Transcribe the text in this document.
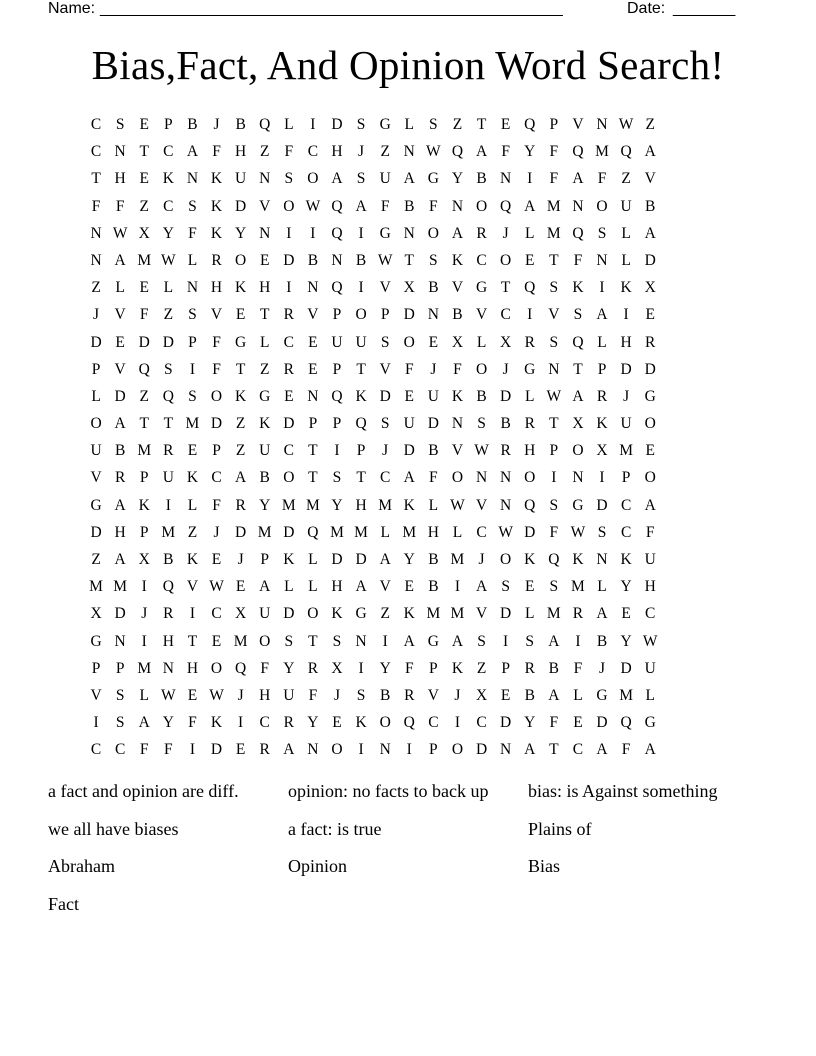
Name: ____________________________________________________	Date: _______
Bias,Fact, And Opinion Word Search!
C S E P B	J	B Q L	I	D S G L S Z T E Q P V N W Z
C N T C A F H Z F C H J	Z N W Q A F Y F Q M Q A
T H E K N K U N S O A S U A G Y B N	I	F A F Z V
F F Z C S K D V O W Q A F B F N O Q A M N O U B
N W X Y F K Y N	I	I	Q	I	G N O A R	J	L M Q S L A
N A M W L R O E D B N B W T S K C O E T F N L D
Z L E L N H K H	I	N Q	I	V X B V G T Q S K	I	K X
J V F Z S V E T R V P O P D N B V C	I	V S A	I	E
D E D D P F G L C E U U S O E X L X R S Q L H R
P V Q S	I	F T Z R E P T V F	J	F O J G N T P D D
L D Z Q S O K G E N Q K D E U K B D L W A R	J G
O A T T M D Z K D P P Q S U D N S B R T X K U O
U B M R E P Z U C T	I	P	J D B V W R H P O X M E
V R P U K C A B O T S T C A F O N N O	I	N	I	P O
G A K	I	L F R Y M M Y H M K L W V N Q S G D C A
D H P M Z	J D M D Q M M L M H L C W D F W S C F
Z A X B K E	J	P K L D D A Y B M J O K Q K N K U
M M I	Q V W E A L L H A V E B	I	A S E S M L Y H
X D J	R	I	C X U D O K G Z K M M V D L M R A E C
G N	I	H T E M O S T S N	I	A G A S	I	S A	I	B Y W
P P M N H O Q F Y R X	I	Y F P K Z P R B F	J D U
V S L W E W J H U F	J	S B R V J X E B A L G M L
I	S A Y F K	I	C R Y E K O Q C	I	C D Y F E D Q G
C C F F	I	D E R A N O	I	N	I	P O D N A T C A F A
a fact and opinion are diff.	opinion: no facts to back up	bias: is Against something
we all have biases	a fact: is true	Plains of
Abraham	Opinion	Bias
Fact
